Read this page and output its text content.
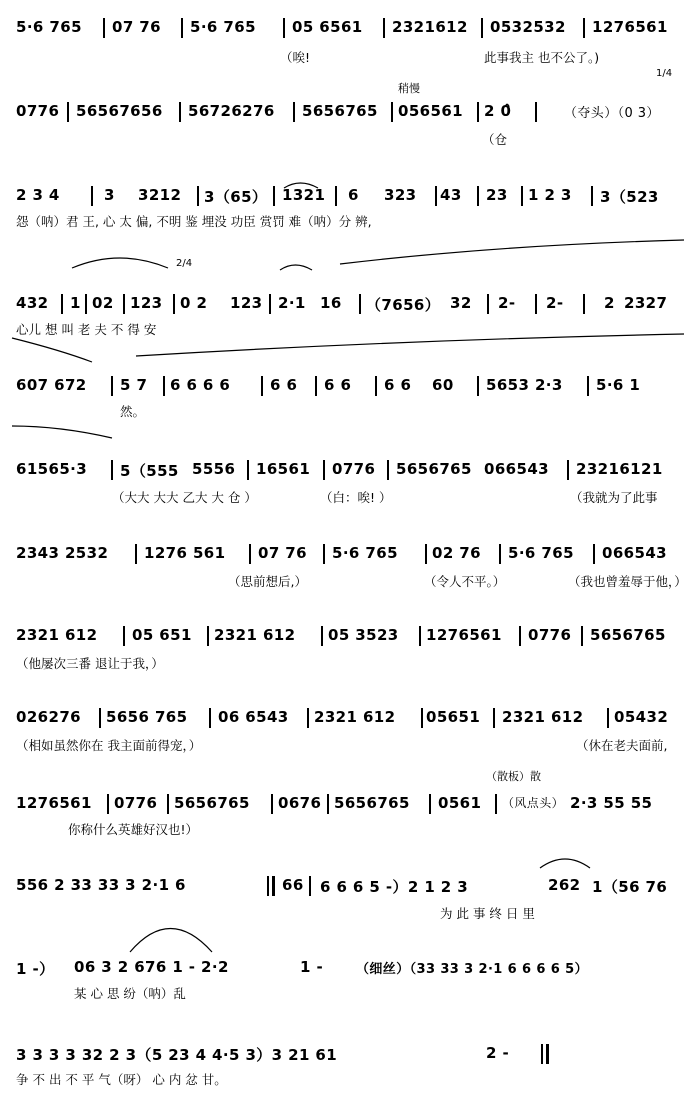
5·6 765 07 76 5·6 765 05 6561 2321612 0532532 1276561
（唉!	此事我主 也不公了。)
稍慢
1/4
0776 56567656 56726276 5656765 056561 2 0̂	（夺头）（0 3）
（仓
2 3 4	3 3212 3（65） 1321 6 323 43 23 1 2 3 3（523
怨（呐）君 王, 心 太 偏, 不明 鉴 埋没 功臣 赏罚 难（呐）分 辨,
2/4
432 1 02 123 0 2 123 2·1 16 （7656） 32 2- 2-	2 2327
心儿 想 叫 老 夫 不 得 安
607 672 5 7 6 6 6 6	6 6 6 6 6 6 60 5653 2·3 5·6 1
然。
61565·3 5（555 5556 16561 0776 5656765 066543 23216121
（大大 大大 乙大 大 仓 ）	（白：唉! ）	（我就为了此事
2343 2532 1276 561 07 76 5·6 765 02 76 5·6 765 066543
（思前想后,）	（令人不平。）	（我也曾羞辱于他，）
2321 612 05 651 2321 612 05 3523 1276561 0776 5656765
（他屡次三番 退让于我，）
026276 5656 765 06 6543 2321 612 05651 2321 612 05432
（相如虽然你在 我主面前得宠，）	（休在老夫面前,
（散板）散
1276561 0776 5656765 0676 5656765 0561 （风点头） 2·3 55 55
你称什么英雄好汉也!）
556 2 33 33 3 2·1 6	66 6 6 6 5 -）2 1 2 3	262 1（56 76
为 此 事 终 日 里
1 -） 06 3 2 676 1 - 2·2	1 -	（细丝）（33 33 3 2·1 6 6 6 6 5）
某 心 思 纷（呐）乱
3 3 3 3 32 2 3（5 23 4 4·5 3）3 21 61	2 -
争 不 出 不 平 气（呀） 心 内 忿 甘。
